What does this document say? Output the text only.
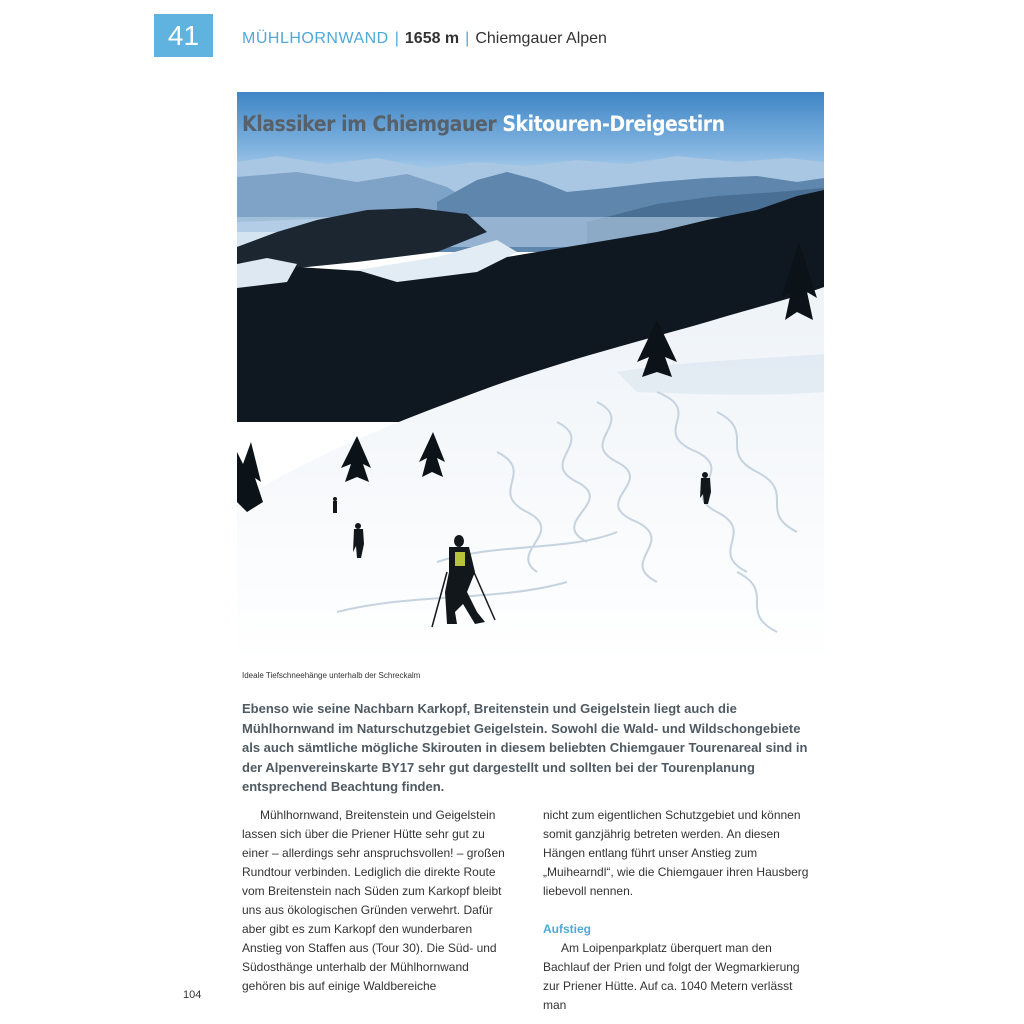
41	MÜHLHORNWAND | 1658 m | Chiemgauer Alpen
Klassiker im Chiemgauer Skitouren-Dreigestirn
Ideale Tiefschneehänge unterhalb der Schreckalm
Ebenso wie seine Nachbarn Karkopf, Breitenstein und Geigelstein liegt auch die Mühlhornwand im Naturschutzgebiet Geigelstein. Sowohl die Wald- und Wildschongebiete als auch sämtliche mögliche Skirouten in diesem beliebten Chiemgauer Tourenareal sind in der Alpenvereinskarte BY17 sehr gut dargestellt und sollten bei der Tourenplanung entsprechend Beachtung finden.

Mühlhornwand, Breitenstein und Geigelstein lassen sich über die Priener Hütte sehr gut zu einer – allerdings sehr anspruchsvollen! – großen Rundtour verbinden. Lediglich die direkte Route vom Breitenstein nach Süden zum Karkopf bleibt uns aus ökologischen Gründen verwehrt. Dafür aber gibt es zum Karkopf den wunderbaren Anstieg von Staffen aus (Tour 30). Die Süd- und Südosthänge unterhalb der Mühlhornwand gehören bis auf einige Waldbereiche

nicht zum eigentlichen Schutzgebiet und können somit ganzjährig betreten werden. An diesen Hängen entlang führt unser Anstieg zum „Muihearndl“, wie die Chiemgauer ihren Hausberg liebevoll nennen.

Aufstieg

Am Loipenparkplatz überquert man den Bachlauf der Prien und folgt der Wegmarkierung zur Priener Hütte. Auf ca. 1040 Metern verlässt man

104
